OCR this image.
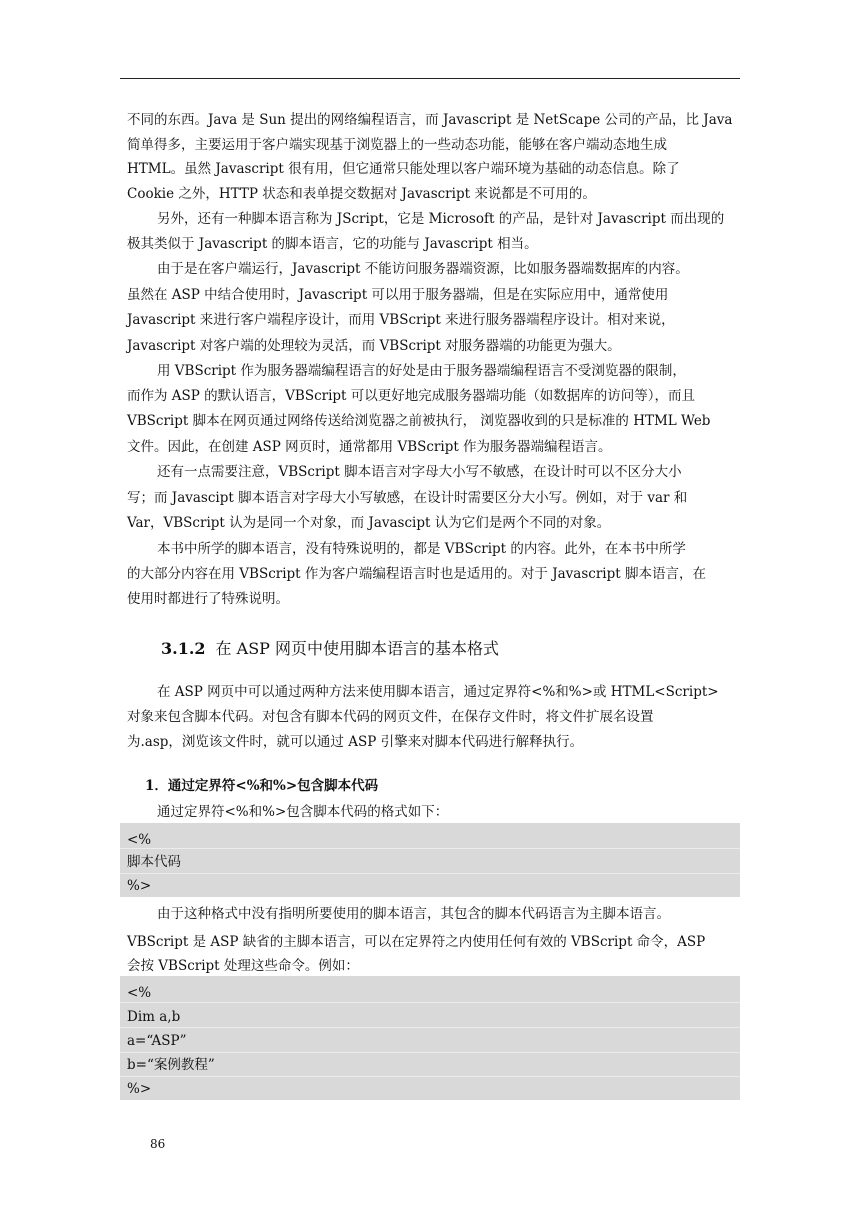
不同的东西。Java 是 Sun 提出的网络编程语言，而 Javascript 是 NetScape 公司的产品，比 Java
简单得多，主要运用于客户端实现基于浏览器上的一些动态功能，能够在客户端动态地生成
HTML。虽然 Javascript 很有用，但它通常只能处理以客户端环境为基础的动态信息。除了
Cookie 之外，HTTP 状态和表单提交数据对 Javascript 来说都是不可用的。
另外，还有一种脚本语言称为 JScript，它是 Microsoft 的产品，是针对 Javascript 而出现的
极其类似于 Javascript 的脚本语言，它的功能与 Javascript 相当。
由于是在客户端运行，Javascript 不能访问服务器端资源，比如服务器端数据库的内容。
虽然在 ASP 中结合使用时，Javascript 可以用于服务器端，但是在实际应用中，通常使用
Javascript 来进行客户端程序设计，而用 VBScript 来进行服务器端程序设计。相对来说，
Javascript 对客户端的处理较为灵活，而 VBScript 对服务器端的功能更为强大。
用 VBScript 作为服务器端编程语言的好处是由于服务器端编程语言不受浏览器的限制，
而作为 ASP 的默认语言，VBScript 可以更好地完成服务器端功能（如数据库的访问等），而且
VBScript 脚本在网页通过网络传送给浏览器之前被执行， 浏览器收到的只是标准的 HTML Web
文件。因此，在创建 ASP 网页时，通常都用 VBScript 作为服务器端编程语言。
还有一点需要注意，VBScript 脚本语言对字母大小写不敏感，在设计时可以不区分大小
写；而 Javascipt 脚本语言对字母大小写敏感，在设计时需要区分大小写。例如，对于 var 和
Var，VBScript 认为是同一个对象，而 Javascipt 认为它们是两个不同的对象。
本书中所学的脚本语言，没有特殊说明的，都是 VBScript 的内容。此外，在本书中所学
的大部分内容在用 VBScript 作为客户端编程语言时也是适用的。对于 Javascript 脚本语言，在
使用时都进行了特殊说明。
3.1.2 在 ASP 网页中使用脚本语言的基本格式
在 ASP 网页中可以通过两种方法来使用脚本语言，通过定界符<%和%>或 HTML<Script>
对象来包含脚本代码。对包含有脚本代码的网页文件，在保存文件时，将文件扩展名设置
为.asp，浏览该文件时，就可以通过 ASP 引擎来对脚本代码进行解释执行。
1．通过定界符<%和%>包含脚本代码
通过定界符<%和%>包含脚本代码的格式如下：
<%
脚本代码
%>
由于这种格式中没有指明所要使用的脚本语言，其包含的脚本代码语言为主脚本语言。
VBScript 是 ASP 缺省的主脚本语言，可以在定界符之内使用任何有效的 VBScript 命令，ASP
会按 VBScript 处理这些命令。例如：
<%
Dim a,b
a=“ASP”
b=“案例教程”
%>
86
